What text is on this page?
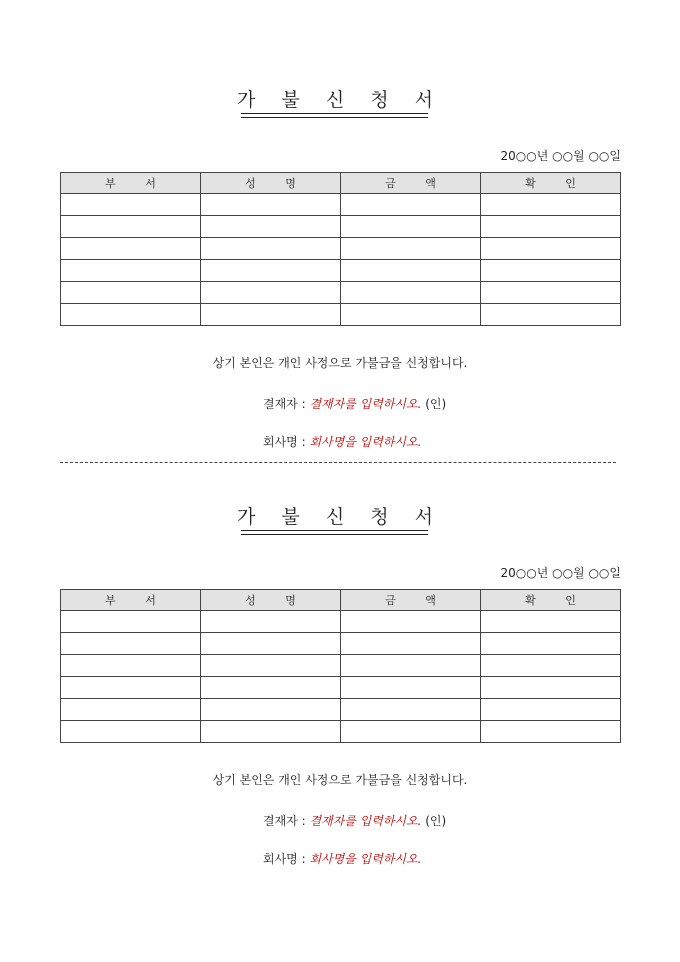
가 불 신 청 서
20○○년 ○○월 ○○일
부 서	성 명	금 액	확 인

상기 본인은 개인 사정으로 가불금을 신청합니다.
결재자 : 결재자를 입력하시오. (인)
회사명 : 회사명을 입력하시오.
가 불 신 청 서
20○○년 ○○월 ○○일
부 서	성 명	금 액	확 인

상기 본인은 개인 사정으로 가불금을 신청합니다.
결재자 : 결재자를 입력하시오. (인)
회사명 : 회사명을 입력하시오.
